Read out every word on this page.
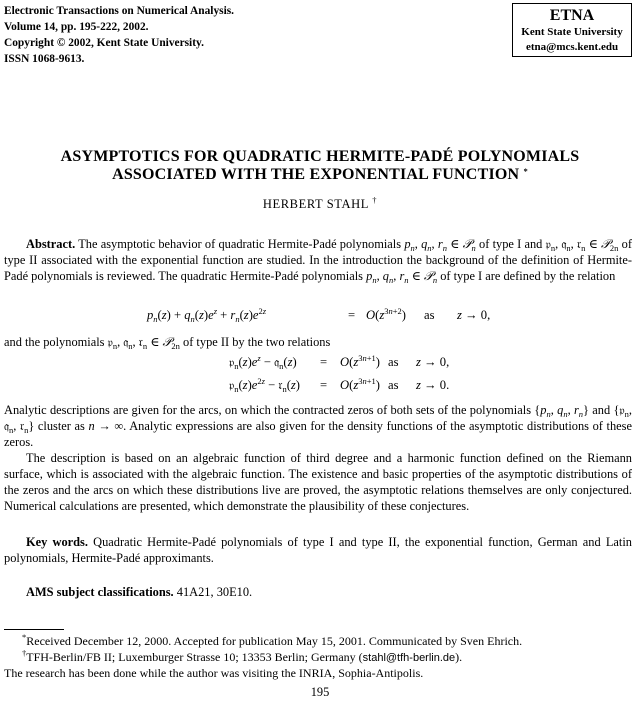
Electronic Transactions on Numerical Analysis.
Volume 14, pp. 195-222, 2002.
Copyright © 2002, Kent State University.
ISSN 1068-9613.
ETNA
Kent State University
etna@mcs.kent.edu
ASYMPTOTICS FOR QUADRATIC HERMITE-PADÉ POLYNOMIALS
ASSOCIATED WITH THE EXPONENTIAL FUNCTION *
HERBERT STAHL †
Abstract. The asymptotic behavior of quadratic Hermite-Padé polynomials $p_n$, $q_n$, $r_n$ ∈ 𝒫$_n$ of type I and 𝔭$_n$, 𝔮$_n$, 𝔯$_n$ ∈ 𝒫$_{2n}$ of type II associated with the exponential function are studied. In the introduction the background of the definition of Hermite-Padé polynomials is reviewed. The quadratic Hermite-Padé polynomials $p_n$, $q_n$, $r_n$ ∈ 𝒫$_n$ of type I are defined by the relation
$p_n(z) + q_n(z)e^z + r_n(z)e^{2z}$	= $O(z^{3n+2})$ as z → 0,
and the polynomials 𝔭$_n$, 𝔮$_n$, 𝔯$_n$ ∈ 𝒫$_{2n}$ of type II by the two relations
$𝔭_n(z)e^z$ − 𝔮$_n$(z) = $O(z^{3n+1})$ as z → 0,
$𝔭_n(z)e^{2z}$ − 𝔯$_n$(z) = $O(z^{3n+1})$ as z → 0.
Analytic descriptions are given for the arcs, on which the contracted zeros of both sets of the polynomials {$p_n$, $q_n$, $r_n$} and {𝔭$_n$, 𝔮$_n$, 𝔯$_n$} cluster as n → ∞. Analytic expressions are also given for the density functions of the asymptotic distributions of these zeros.
The description is based on an algebraic function of third degree and a harmonic function defined on the Riemann surface, which is associated with the algebraic function. The existence and basic properties of the asymptotic distributions of the zeros and the arcs on which these distributions live are proved, the asymptotic relations themselves are only conjectured. Numerical calculations are presented, which demonstrate the plausibility of these conjectures.
Key words. Quadratic Hermite-Padé polynomials of type I and type II, the exponential function, German and Latin polynomials, Hermite-Padé approximants.
AMS subject classifications. 41A21, 30E10.
*Received December 12, 2000. Accepted for publication May 15, 2001. Communicated by Sven Ehrich.
†TFH-Berlin/FB II; Luxemburger Strasse 10; 13353 Berlin; Germany (stahl@tfh-berlin.de).
The research has been done while the author was visiting the INRIA, Sophia-Antipolis.
195
